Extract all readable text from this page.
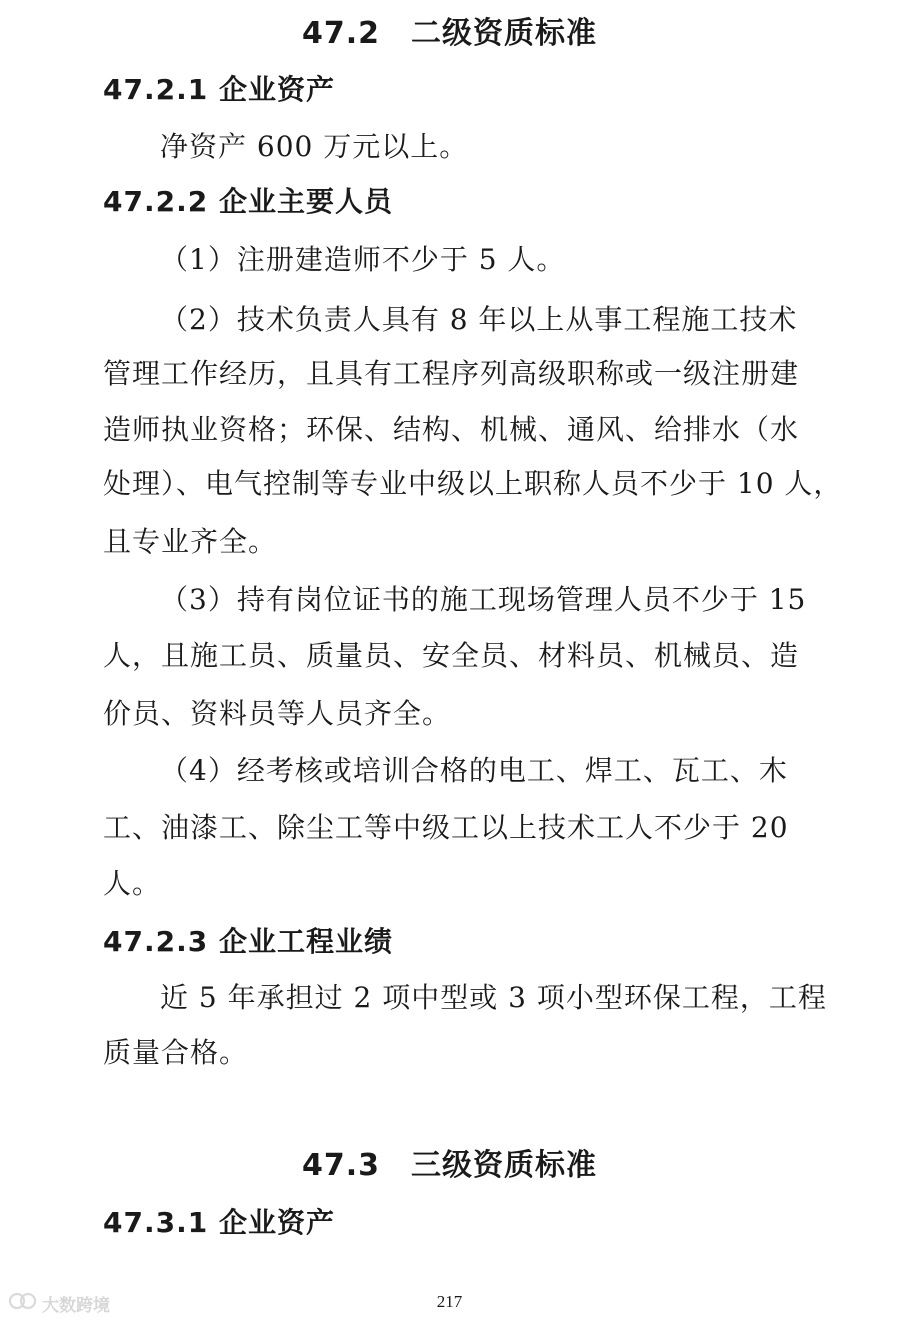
47.2　二级资质标准
47.2.1 企业资产
净资产 600 万元以上。
47.2.2 企业主要人员
（1）注册建造师不少于 5 人。
（2）技术负责人具有 8 年以上从事工程施工技术
管理工作经历，且具有工程序列高级职称或一级注册建
造师执业资格；环保、结构、机械、通风、给排水（水
处理）、电气控制等专业中级以上职称人员不少于 10 人，
且专业齐全。
（3）持有岗位证书的施工现场管理人员不少于 15
人，且施工员、质量员、安全员、材料员、机械员、造
价员、资料员等人员齐全。
（4）经考核或培训合格的电工、焊工、瓦工、木
工、油漆工、除尘工等中级工以上技术工人不少于 20
人。
47.2.3 企业工程业绩
近 5 年承担过 2 项中型或 3 项小型环保工程，工程
质量合格。
47.3　三级资质标准
47.3.1 企业资产
217
大数跨境
